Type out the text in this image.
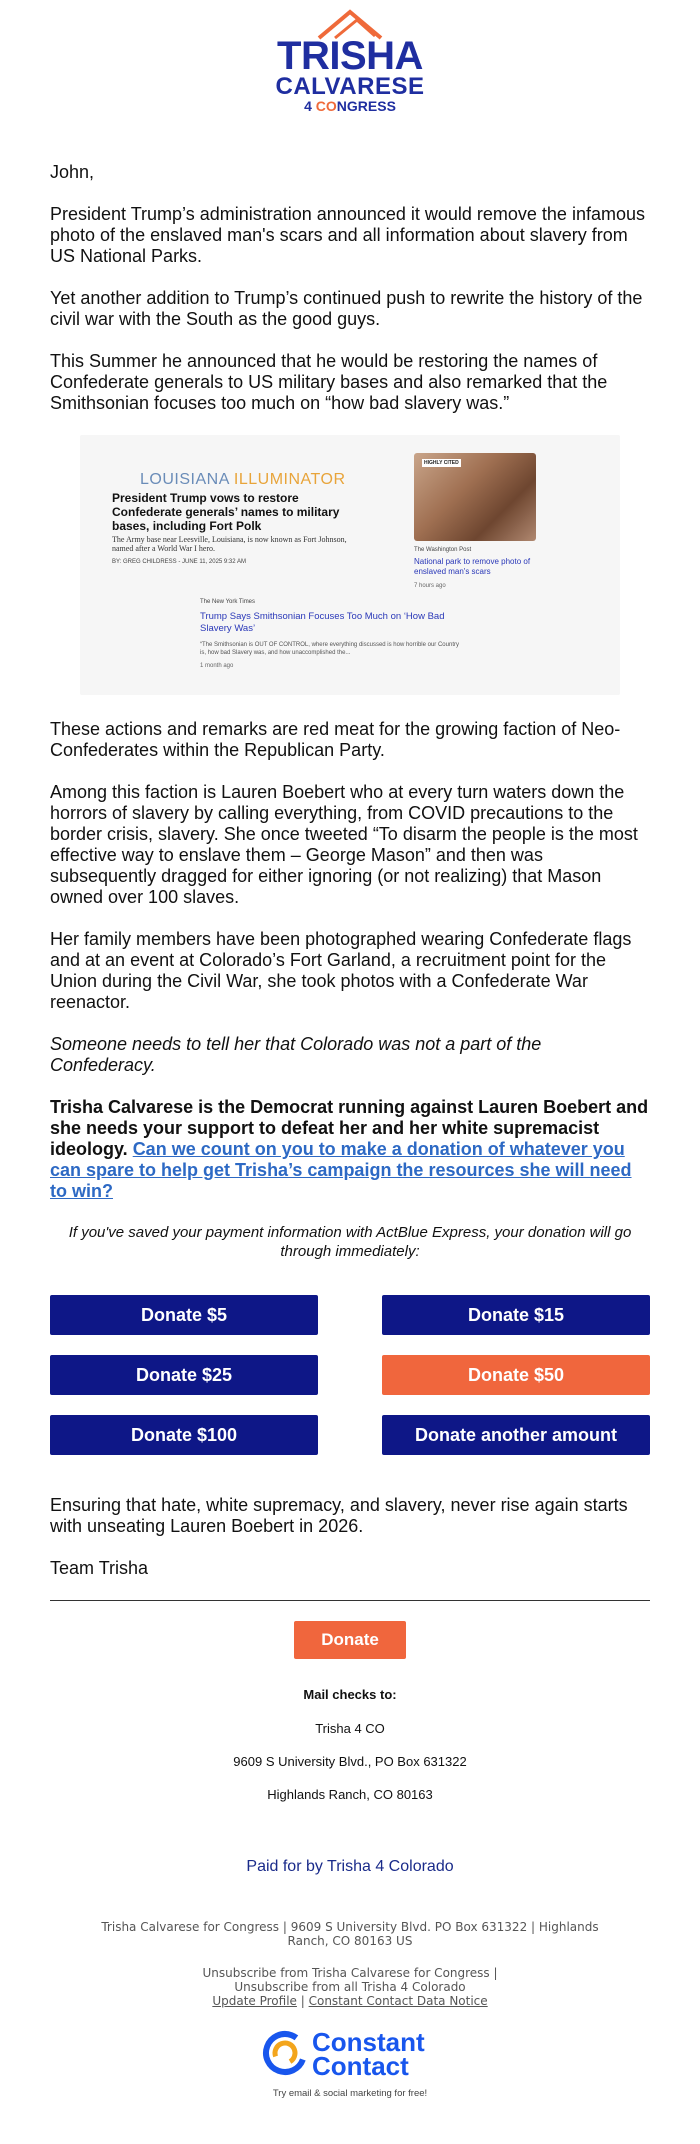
TRISHA
CALVARESE
4 CONGRESS

John,

President Trump’s administration announced it would remove the infamous photo of the enslaved man's scars and all information about slavery from US National Parks.

Yet another addition to Trump’s continued push to rewrite the history of the civil war with the South as the good guys.

This Summer he announced that he would be restoring the names of Confederate generals to US military bases and also remarked that the Smithsonian focuses too much on “how bad slavery was.”

LOUISIANA ILLUMINATOR
President Trump vows to restore Confederate generals’ names to military bases, including Fort Polk
The Army base near Leesville, Louisiana, is now known as Fort Johnson, named after a World War I hero.
BY: GREG CHILDRESS - JUNE 11, 2025 9:32 AM
HIGHLY CITED
The Washington Post
National park to remove photo of enslaved man's scars
7 hours ago
The New York Times
Trump Says Smithsonian Focuses Too Much on ‘How Bad Slavery Was’
“The Smithsonian is OUT OF CONTROL, where everything discussed is how horrible our Country is, how bad Slavery was, and how unaccomplished the...
1 month ago

These actions and remarks are red meat for the growing faction of Neo-Confederates within the Republican Party.

Among this faction is Lauren Boebert who at every turn waters down the horrors of slavery by calling everything, from COVID precautions to the border crisis, slavery. She once tweeted “To disarm the people is the most effective way to enslave them – George Mason” and then was subsequently dragged for either ignoring (or not realizing) that Mason owned over 100 slaves.

Her family members have been photographed wearing Confederate flags and at an event at Colorado’s Fort Garland, a recruitment point for the Union during the Civil War, she took photos with a Confederate War reenactor.

Someone needs to tell her that Colorado was not a part of the Confederacy.

Trisha Calvarese is the Democrat running against Lauren Boebert and she needs your support to defeat her and her white supremacist ideology. Can we count on you to make a donation of whatever you can spare to help get Trisha’s campaign the resources she will need to win?

If you've saved your payment information with ActBlue Express, your donation will go through immediately:
Donate $5	Donate $15
Donate $25	Donate $50
Donate $100	Donate another amount

Ensuring that hate, white supremacy, and slavery, never rise again starts with unseating Lauren Boebert in 2026.

Team Trisha

Donate
Mail checks to:
Trisha 4 CO
9609 S University Blvd., PO Box 631322
Highlands Ranch, CO 80163
Paid for by Trisha 4 Colorado
Trisha Calvarese for Congress | 9609 S University Blvd. PO Box 631322 | Highlands Ranch, CO 80163 US
Unsubscribe from Trisha Calvarese for Congress |
Unsubscribe from all Trisha 4 Colorado
Update Profile | Constant Contact Data Notice
Constant
Contact
Try email & social marketing for free!
